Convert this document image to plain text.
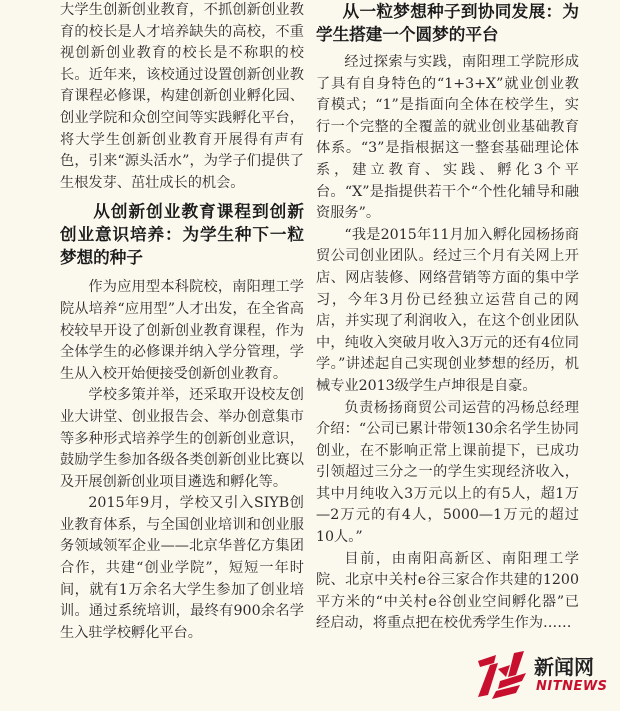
大学生创新创业教育，不抓创新创业教育的校长是人才培养缺失的高校，不重视创新创业教育的校长是不称职的校长。近年来，该校通过设置创新创业教育课程必修课，构建创新创业孵化园、创业学院和众创空间等实践孵化平台，将大学生创新创业教育开展得有声有色，引来“源头活水”，为学子们提供了生根发芽、茁壮成长的机会。

从创新创业教育课程到创新创业意识培养：为学生种下一粒梦想的种子

作为应用型本科院校，南阳理工学院从培养“应用型”人才出发，在全省高校较早开设了创新创业教育课程，作为全体学生的必修课并纳入学分管理，学生从入校开始便接受创新创业教育。

学校多策并举，还采取开设校友创业大讲堂、创业报告会、举办创意集市等多种形式培养学生的创新创业意识，鼓励学生参加各级各类创新创业比赛以及开展创新创业项目遴选和孵化等。

2015年9月，学校又引入SIYB创业教育体系，与全国创业培训和创业服务领域领军企业——北京华普亿方集团合作，共建“创业学院”，短短一年时间，就有1万余名大学生参加了创业培训。通过系统培训，最终有900余名学生入驻学校孵化平台。

从一粒梦想种子到协同发展：为学生搭建一个圆梦的平台

经过探索与实践，南阳理工学院形成了具有自身特色的“1+3+X”就业创业教育模式；“1”是指面向全体在校学生，实行一个完整的全覆盖的就业创业基础教育体系。“3”是指根据这一整套基础理论体系，建立教育、实践、孵化3个平台。“X”是指提供若干个“个性化辅导和融资服务”。

“我是2015年11月加入孵化园杨扬商贸公司创业团队。经过三个月有关网上开店、网店装修、网络营销等方面的集中学习，今年3月份已经独立运营自己的网店，并实现了利润收入，在这个创业团队中，纯收入突破月收入3万元的还有4位同学。”讲述起自己实现创业梦想的经历，机械专业2013级学生卢坤很是自豪。

负责杨扬商贸公司运营的冯杨总经理介绍：“公司已累计带领130余名学生协同创业，在不影响正常上课前提下，已成功引领超过三分之一的学生实现经济收入，其中月纯收入3万元以上的有5人，超1万—2万元的有4人，5000—1万元的超过10人。”

目前，由南阳高新区、南阳理工学院、北京中关村e谷三家合作共建的1200平方米的“中关村e谷创业空间孵化器”已经启动，将重点把在校优秀学生作为……

新闻网
NITNEWS
